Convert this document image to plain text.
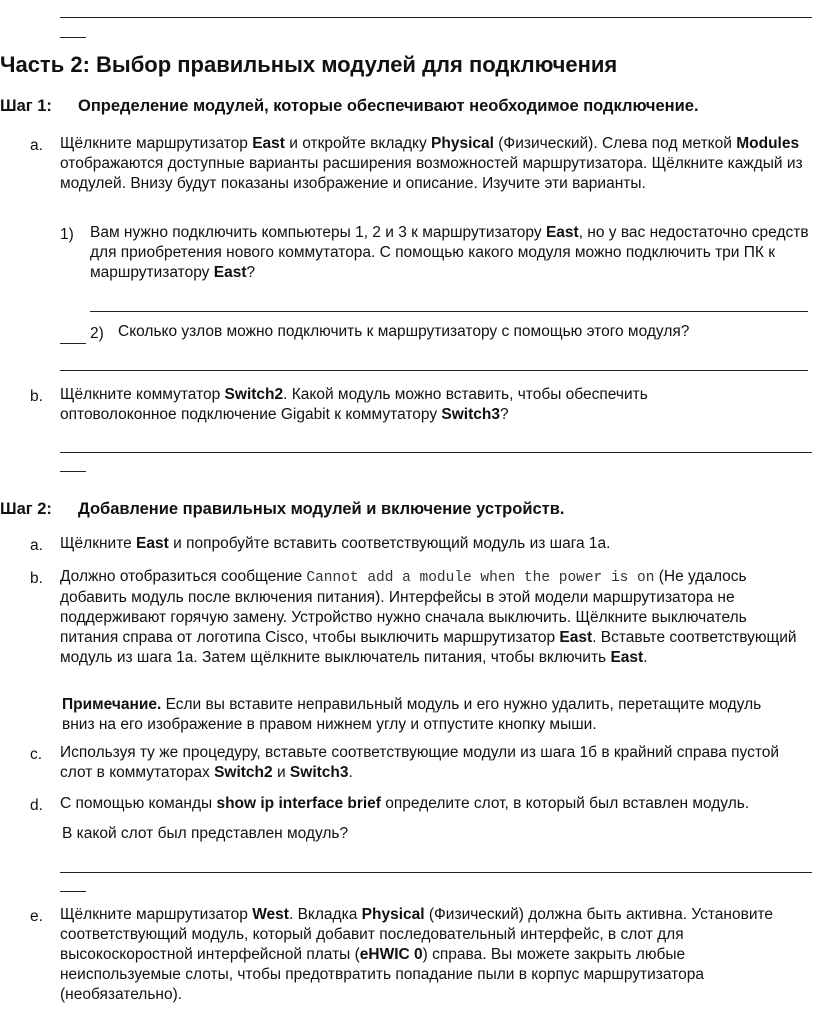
Часть 2: Выбор правильных модулей для подключения
Шаг 1: Определение модулей, которые обеспечивают необходимое подключение.
a. Щёлкните маршрутизатор East и откройте вкладку Physical (Физический). Слева под меткой Modules отображаются доступные варианты расширения возможностей маршрутизатора. Щёлкните каждый из модулей. Внизу будут показаны изображение и описание. Изучите эти варианты.
1) Вам нужно подключить компьютеры 1, 2 и 3 к маршрутизатору East, но у вас недостаточно средств для приобретения нового коммутатора. С помощью какого модуля можно подключить три ПК к маршрутизатору East?
2) Сколько узлов можно подключить к маршрутизатору с помощью этого модуля?
b. Щёлкните коммутатор Switch2. Какой модуль можно вставить, чтобы обеспечить оптоволоконное подключение Gigabit к коммутатору Switch3?
Шаг 2: Добавление правильных модулей и включение устройств.
a. Щёлкните East и попробуйте вставить соответствующий модуль из шага 1a.
b. Должно отобразиться сообщение Cannot add a module when the power is on (Не удалось добавить модуль после включения питания). Интерфейсы в этой модели маршрутизатора не поддерживают горячую замену. Устройство нужно сначала выключить. Щёлкните выключатель питания справа от логотипа Cisco, чтобы выключить маршрутизатор East. Вставьте соответствующий модуль из шага 1a. Затем щёлкните выключатель питания, чтобы включить East.
Примечание. Если вы вставите неправильный модуль и его нужно удалить, перетащите модуль вниз на его изображение в правом нижнем углу и отпустите кнопку мыши.
c. Используя ту же процедуру, вставьте соответствующие модули из шага 1б в крайний справа пустой слот в коммутаторах Switch2 и Switch3.
d. С помощью команды show ip interface brief определите слот, в который был вставлен модуль.
В какой слот был представлен модуль?
e. Щёлкните маршрутизатор West. Вкладка Physical (Физический) должна быть активна. Установите соответствующий модуль, который добавит последовательный интерфейс, в слот для высокоскоростной интерфейсной платы (eHWIC 0) справа. Вы можете закрыть любые неиспользуемые слоты, чтобы предотвратить попадание пыли в корпус маршрутизатора (необязательно).
